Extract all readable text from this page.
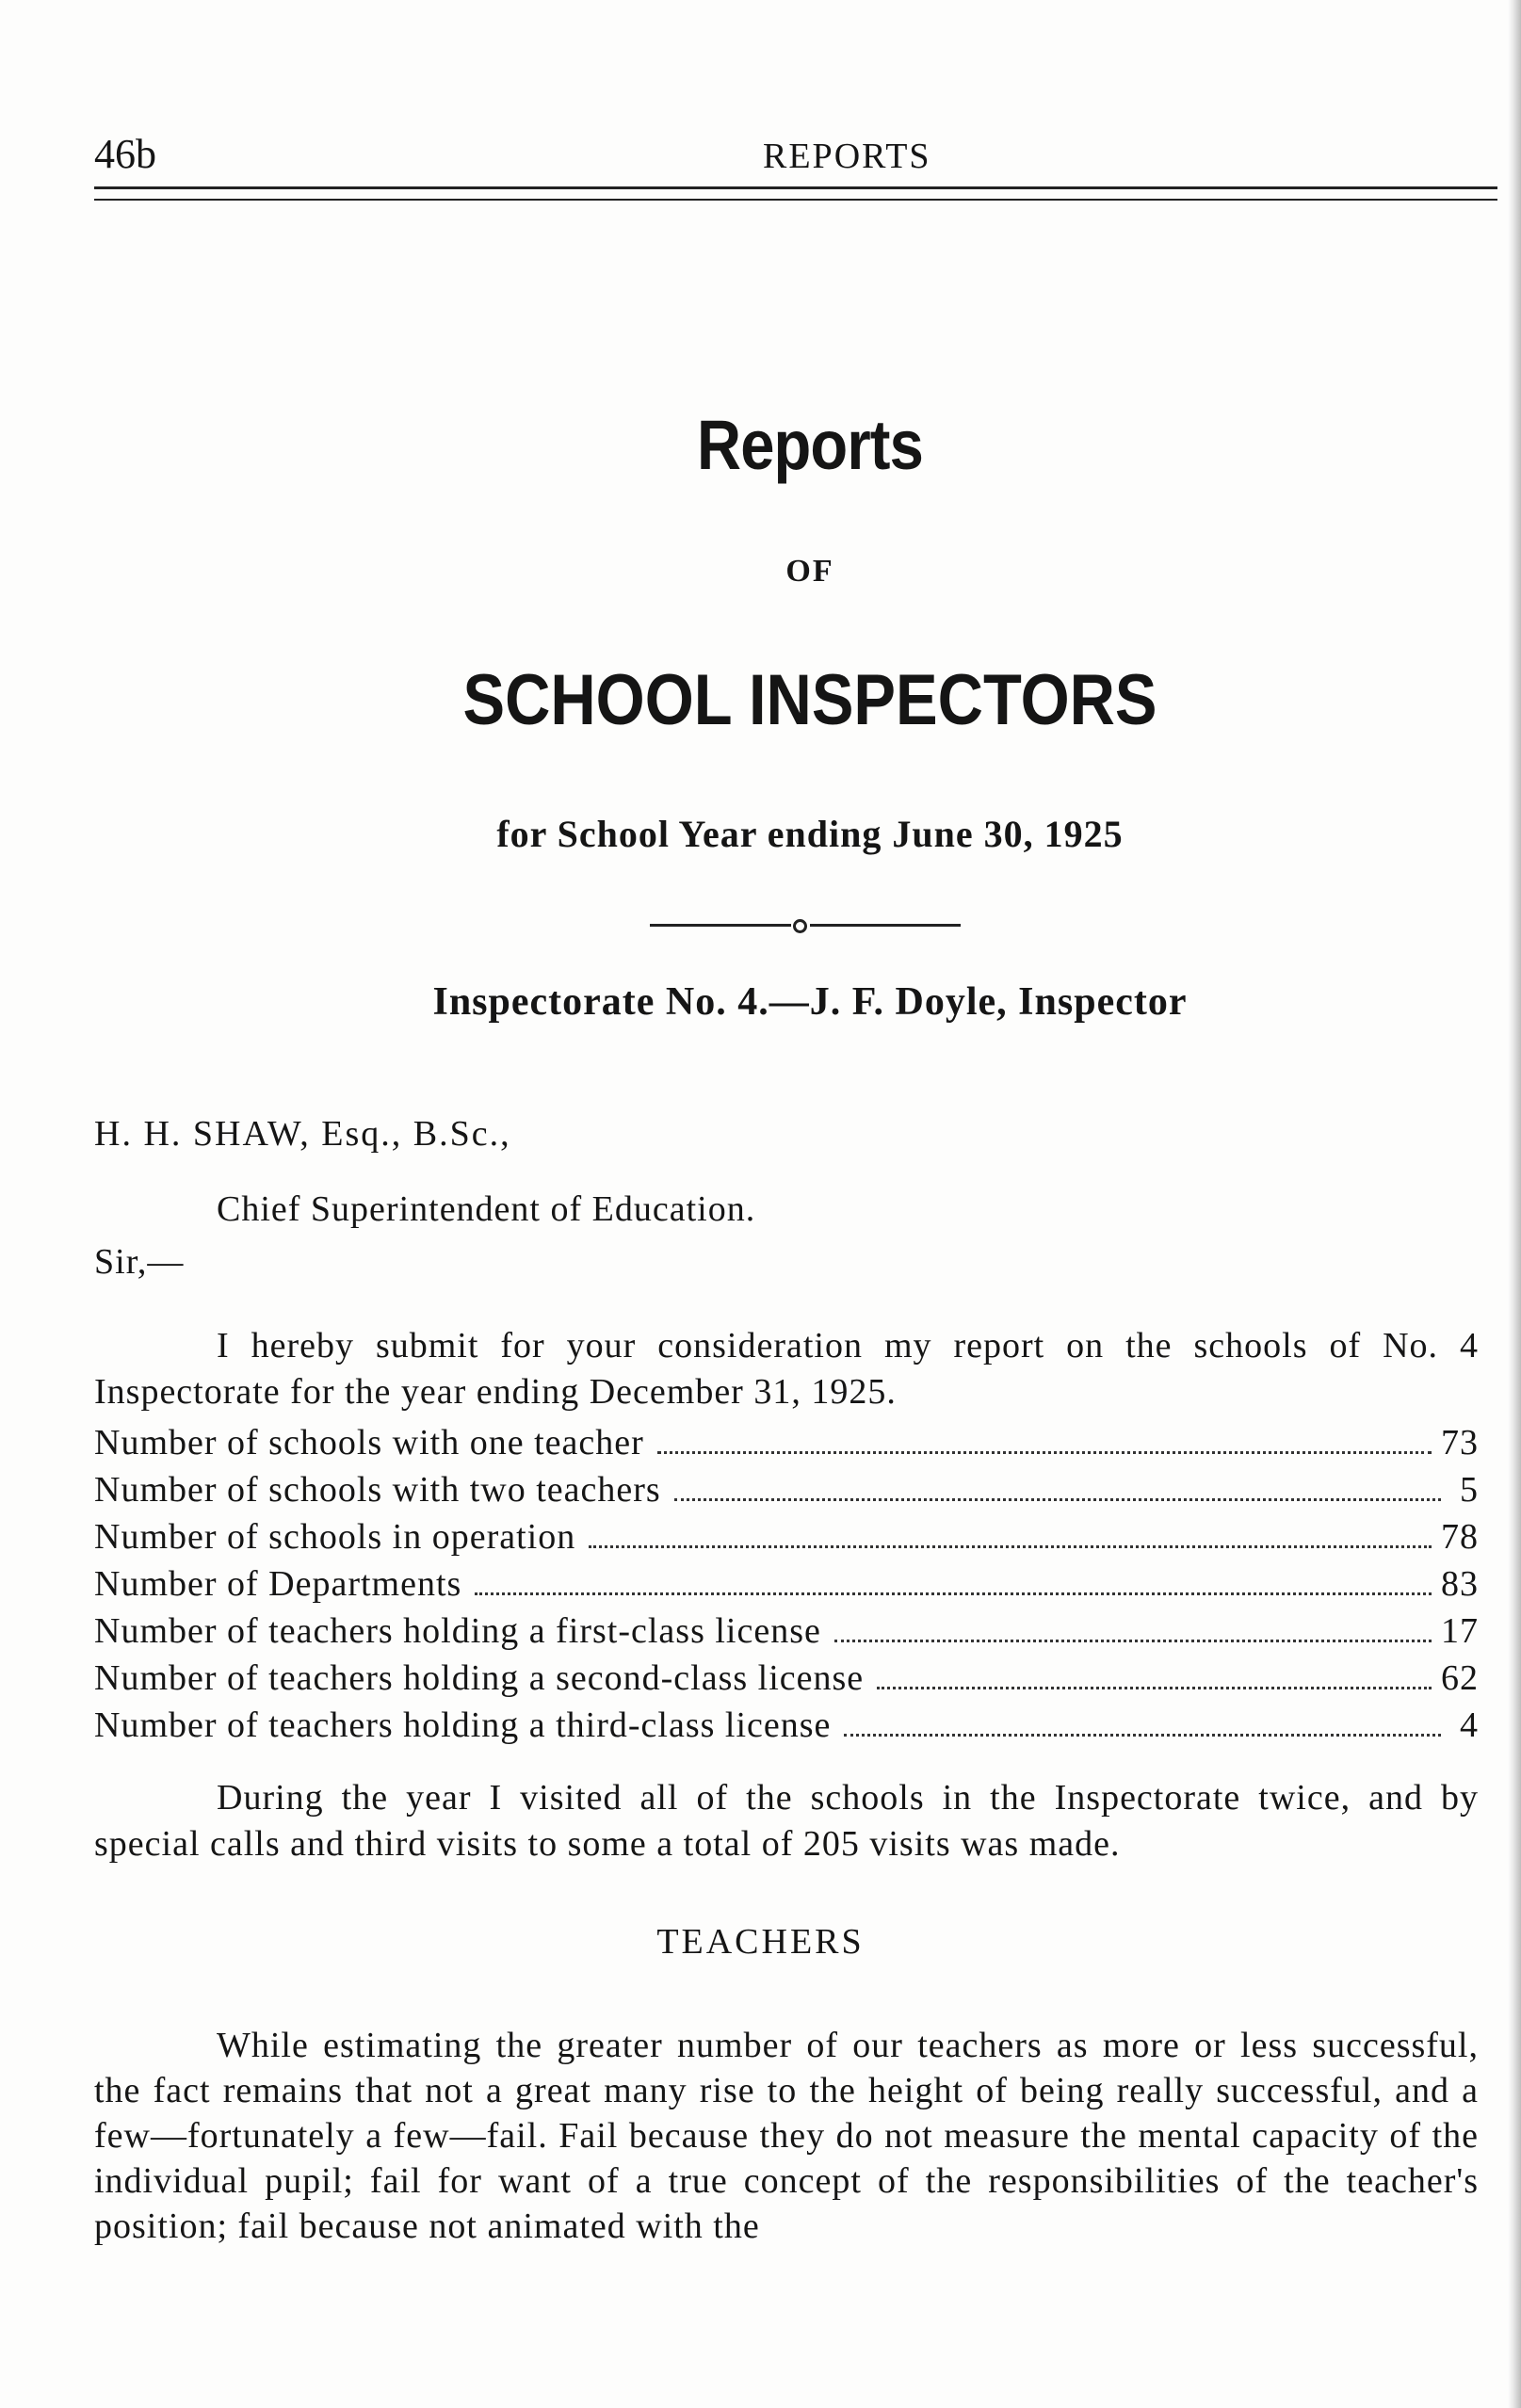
46b	REPORTS
Reports
OF
SCHOOL INSPECTORS
for School Year ending June 30, 1925
Inspectorate No. 4.—J. F. Doyle, Inspector
H. H. SHAW, Esq., B.Sc.,
Chief Superintendent of Education.
Sir,—
I hereby submit for your consideration my report on the schools of No. 4 Inspectorate for the year ending December 31, 1925.
Number of schools with one teacher	73
Number of schools with two teachers	5
Number of schools in operation	78
Number of Departments	83
Number of teachers holding a first-class license	17
Number of teachers holding a second-class license	62
Number of teachers holding a third-class license	4
During the year I visited all of the schools in the Inspectorate twice, and by special calls and third visits to some a total of 205 visits was made.
TEACHERS
While estimating the greater number of our teachers as more or less successful, the fact remains that not a great many rise to the height of being really successful, and a few—fortunately a few—fail. Fail because they do not measure the mental capacity of the individual pupil; fail for want of a true concept of the responsibilities of the teacher's position; fail because not animated with the
